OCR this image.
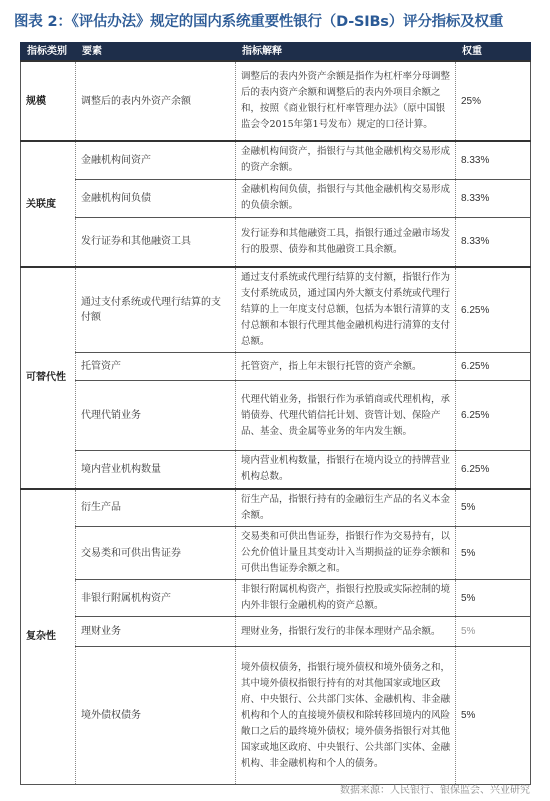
图表 2：《评估办法》规定的国内系统重要性银行（D-SIBs）评分指标及权重
指标类别	要素	指标解释	权重
规模	调整后的表内外资产余额	调整后的表内外资产余额是指作为杠杆率分母调整后的表内资产余额和调整后的表内外项目余额之和，按照《商业银行杠杆率管理办法》（原中国银监会令2015年第1号发布）规定的口径计算。	25%
关联度	金融机构间资产	金融机构间资产，指银行与其他金融机构交易形成的资产余额。	8.33%
	金融机构间负债	金融机构间负债，指银行与其他金融机构交易形成的负债余额。	8.33%
	发行证券和其他融资工具	发行证券和其他融资工具，指银行通过金融市场发行的股票、债券和其他融资工具余额。	8.33%
可替代性	通过支付系统或代理行结算的支付额	通过支付系统或代理行结算的支付额，指银行作为支付系统成员，通过国内外大额支付系统或代理行结算的上一年度支付总额，包括为本银行清算的支付总额和本银行代理其他金融机构进行清算的支付总额。	6.25%
	托管资产	托管资产，指上年末银行托管的资产余额。	6.25%
	代理代销业务	代理代销业务，指银行作为承销商或代理机构，承销债券、代理代销信托计划、资管计划、保险产品、基金、贵金属等业务的年内发生额。	6.25%
	境内营业机构数量	境内营业机构数量，指银行在境内设立的持牌营业机构总数。	6.25%
复杂性	衍生产品	衍生产品，指银行持有的金融衍生产品的名义本金余额。	5%
	交易类和可供出售证券	交易类和可供出售证券，指银行作为交易持有，以公允价值计量且其变动计入当期损益的证券余额和可供出售证券余额之和。	5%
	非银行附属机构资产	非银行附属机构资产，指银行控股或实际控制的境内外非银行金融机构的资产总额。	5%
	理财业务	理财业务，指银行发行的非保本理财产品余额。	5%
	境外债权债务	境外债权债务，指银行境外债权和境外债务之和，其中境外债权指银行持有的对其他国家或地区政府、中央银行、公共部门实体、金融机构、非金融机构和个人的直接境外债权和除转移回境内的风险敞口之后的最终境外债权；境外债务指银行对其他国家或地区政府、中央银行、公共部门实体、金融机构、非金融机构和个人的债务。	5%
数据来源：人民银行、银保监会、兴业研究
